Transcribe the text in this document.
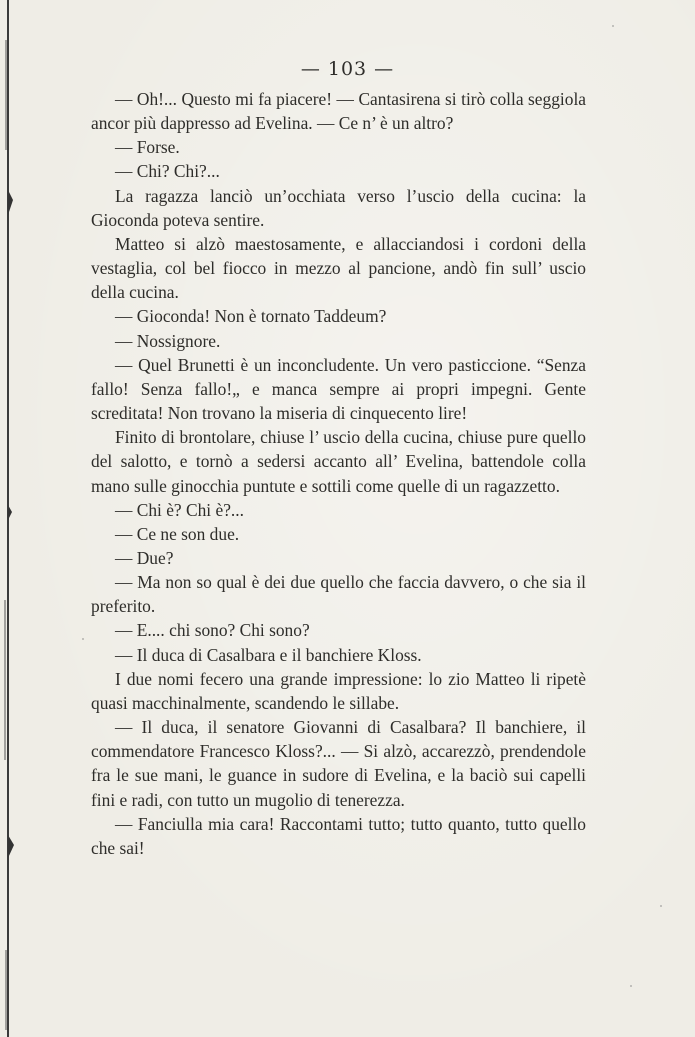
— 103 —

— Oh!... Questo mi fa piacere! — Cantasirena si tirò colla seggiola ancor più dappresso ad Evelina. — Ce n’ è un altro?

— Forse.

— Chi? Chi?...

La ragazza lanciò un’occhiata verso l’uscio della cucina: la Gioconda poteva sentire.

Matteo si alzò maestosamente, e allacciandosi i cordoni della vestaglia, col bel fiocco in mezzo al pancione, andò fin sull’ uscio della cucina.

— Gioconda! Non è tornato Taddeum?

— Nossignore.

— Quel Brunetti è un inconcludente. Un vero pasticcione. “Senza fallo! Senza fallo!„ e manca sempre ai propri impegni. Gente screditata! Non trovano la miseria di cinquecento lire!

Finito di brontolare, chiuse l’ uscio della cucina, chiuse pure quello del salotto, e tornò a sedersi accanto all’ Evelina, battendole colla mano sulle ginocchia puntute e sottili come quelle di un ragazzetto.

— Chi è? Chi è?...

— Ce ne son due.

— Due?

— Ma non so qual è dei due quello che faccia davvero, o che sia il preferito.

— E.... chi sono? Chi sono?

— Il duca di Casalbara e il banchiere Kloss.

I due nomi fecero una grande impressione: lo zio Matteo li ripetè quasi macchinalmente, scandendo le sillabe.

— Il duca, il senatore Giovanni di Casalbara? Il banchiere, il commendatore Francesco Kloss?... — Si alzò, accarezzò, prendendole fra le sue mani, le guance in sudore di Evelina, e la baciò sui capelli fini e radi, con tutto un mugolio di tenerezza.

— Fanciulla mia cara! Raccontami tutto; tutto quanto, tutto quello che sai!
